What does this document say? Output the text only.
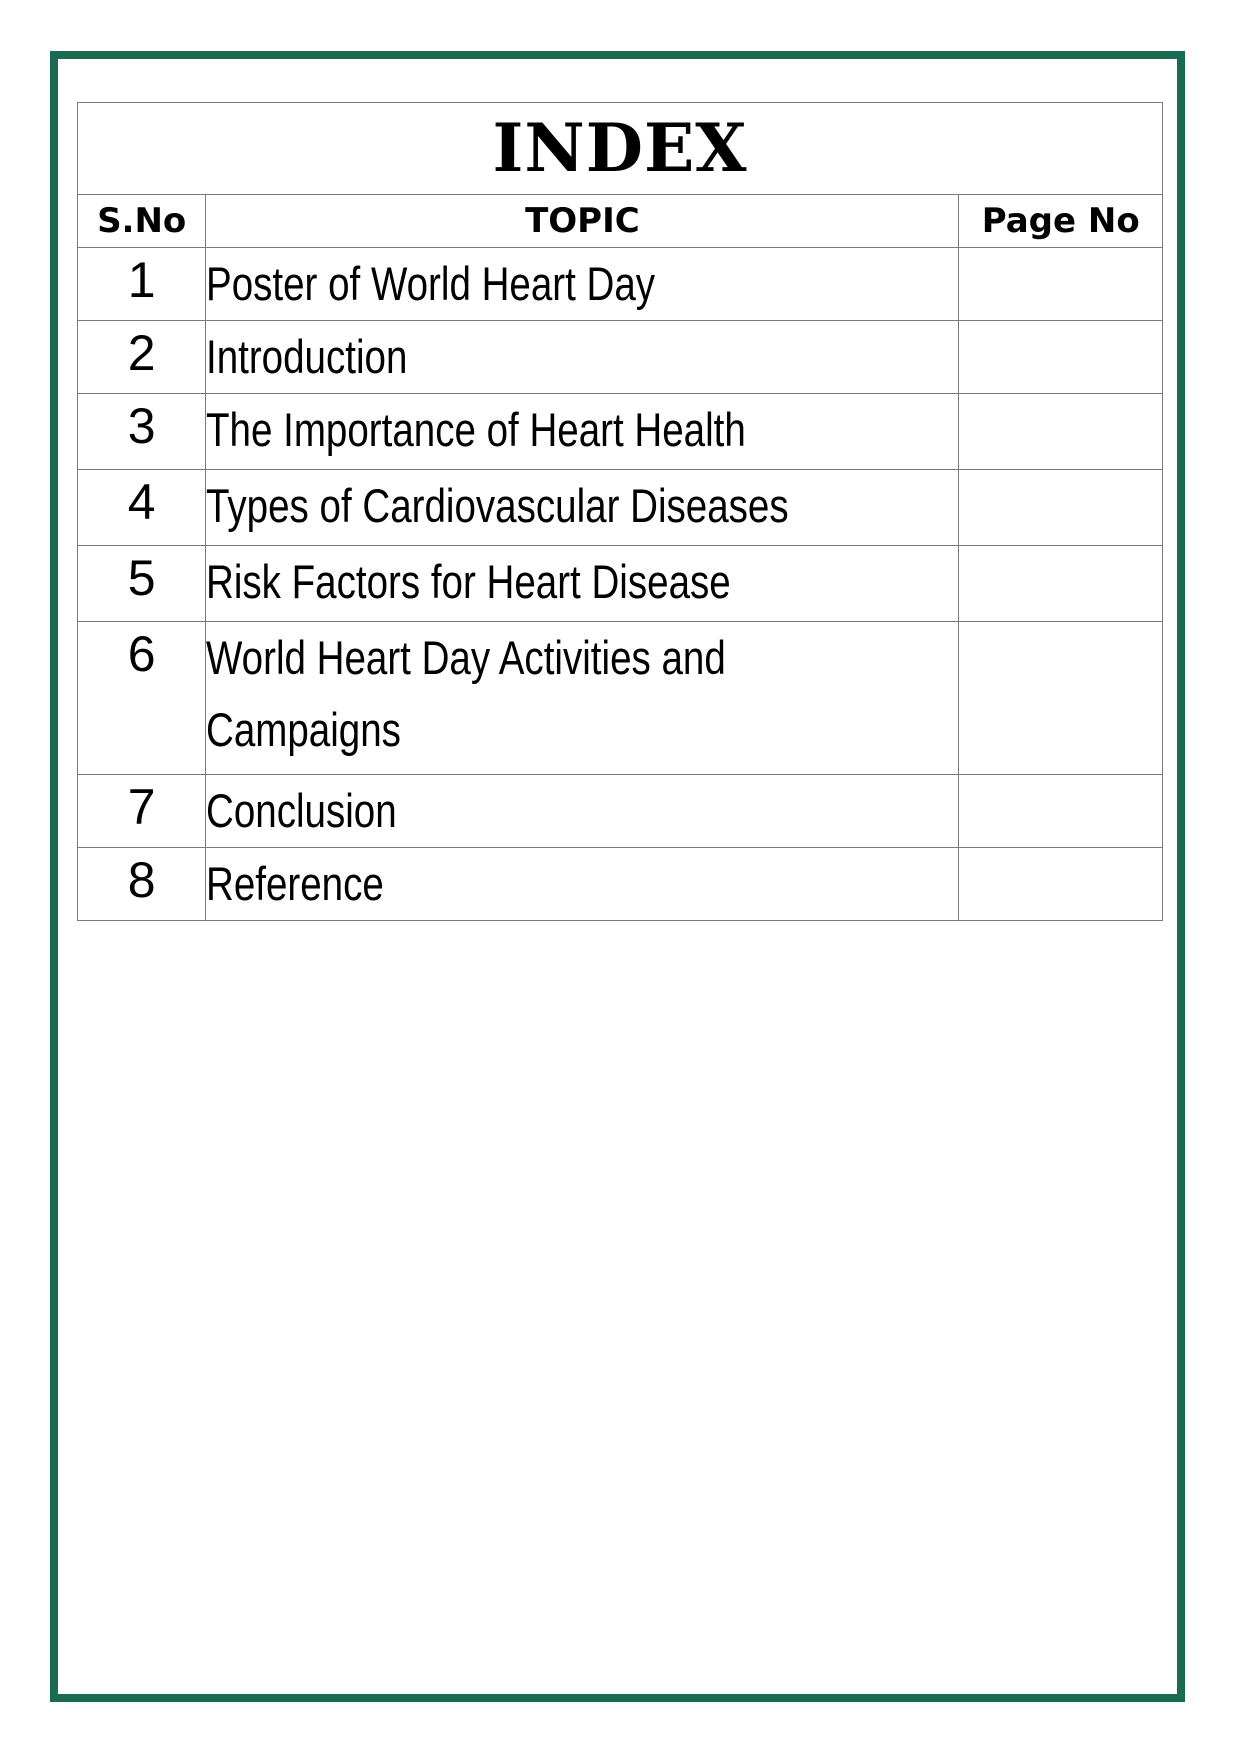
INDEX		
S.No	TOPIC	Page No
1	Poster of World Heart Day	
2	Introduction	
3	The Importance of Heart Health	
4	Types of Cardiovascular Diseases	
5	Risk Factors for Heart Disease	
6	World Heart Day Activities and
Campaigns	
7	Conclusion	
8	Reference	
